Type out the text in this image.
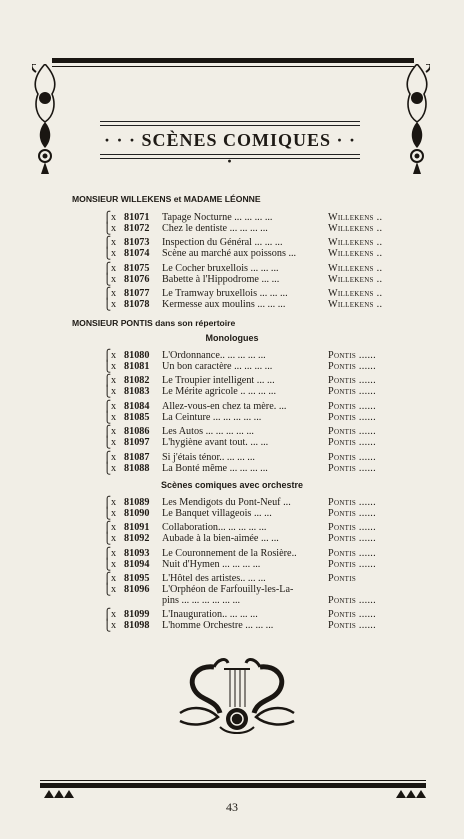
· · · SCÈNES COMIQUES · · ·
MONSIEUR WILLEKENS et MADAME LÉONNE
⎧ x 81071 Tapage Nocturne ... ... ... ...	Willekens ..
⎩ x 81072 Chez le dentiste ... ... ... ...	Willekens ..
⎧ x 81073 Inspection du Général ... ... ...	Willekens ..
⎩ x 81074 Scène au marché aux poissons ...	Willekens ..
⎧ x 81075 Le Cocher bruxellois ... ... ...	Willekens ..
⎩ x 81076 Babette à l'Hippodrome ... ...	Willekens ..
⎧ x 81077 Le Tramway bruxellois ... ... ...	Willekens ..
⎩ x 81078 Kermesse aux moulins ... ... ...	Willekens ..
MONSIEUR PONTIS dans son répertoire
Monologues
⎧ x 81080 L'Ordonnance.. ... ... ... ...	Pontis ......
⎩ x 81081 Un bon caractère ... ... ... ...	Pontis ......
⎧ x 81082 Le Troupier intelligent ... ...	Pontis ......
⎩ x 81083 Le Mérite agricole .. ... ... ...	Pontis ......
⎧ x 81084 Allez-vous-en chez ta mère. ...	Pontis ......
⎩ x 81085 La Ceinture ... ... ... ... ...	Pontis ......
⎧ x 81086 Les Autos ... ... ... ... ...	Pontis ......
⎩ x 81097 L'hygiène avant tout. ... ...	Pontis ......
⎧ x 81087 Si j'étais ténor.. ... ... ...	Pontis ......
⎩ x 81088 La Bonté même ... ... ... ...	Pontis ......
Scènes comiques avec orchestre
⎧ x 81089 Les Mendigots du Pont-Neuf ...	Pontis ......
⎩ x 81090 Le Banquet villageois ... ...	Pontis ......
⎧ x 81091 Collaboration... ... ... ... ...	Pontis ......
⎩ x 81092 Aubade à la bien-aimée ... ...	Pontis ......
⎧ x 81093 Le Couronnement de la Rosière..	Pontis ......
⎩ x 81094 Nuit d'Hymen ... ... ... ...	Pontis ......
⎧ x 81095 L'Hôtel des artistes.. ... ...	Pontis
⎩ x 81096 L'Orphéon de Farfouilly-les-La-
pins ... ... ... ... ... ...	Pontis ......
⎧ x 81099 L'Inauguration.. ... ... ...	Pontis ......
⎩ x 81098 L'homme Orchestre ... ... ...	Pontis ......
43
